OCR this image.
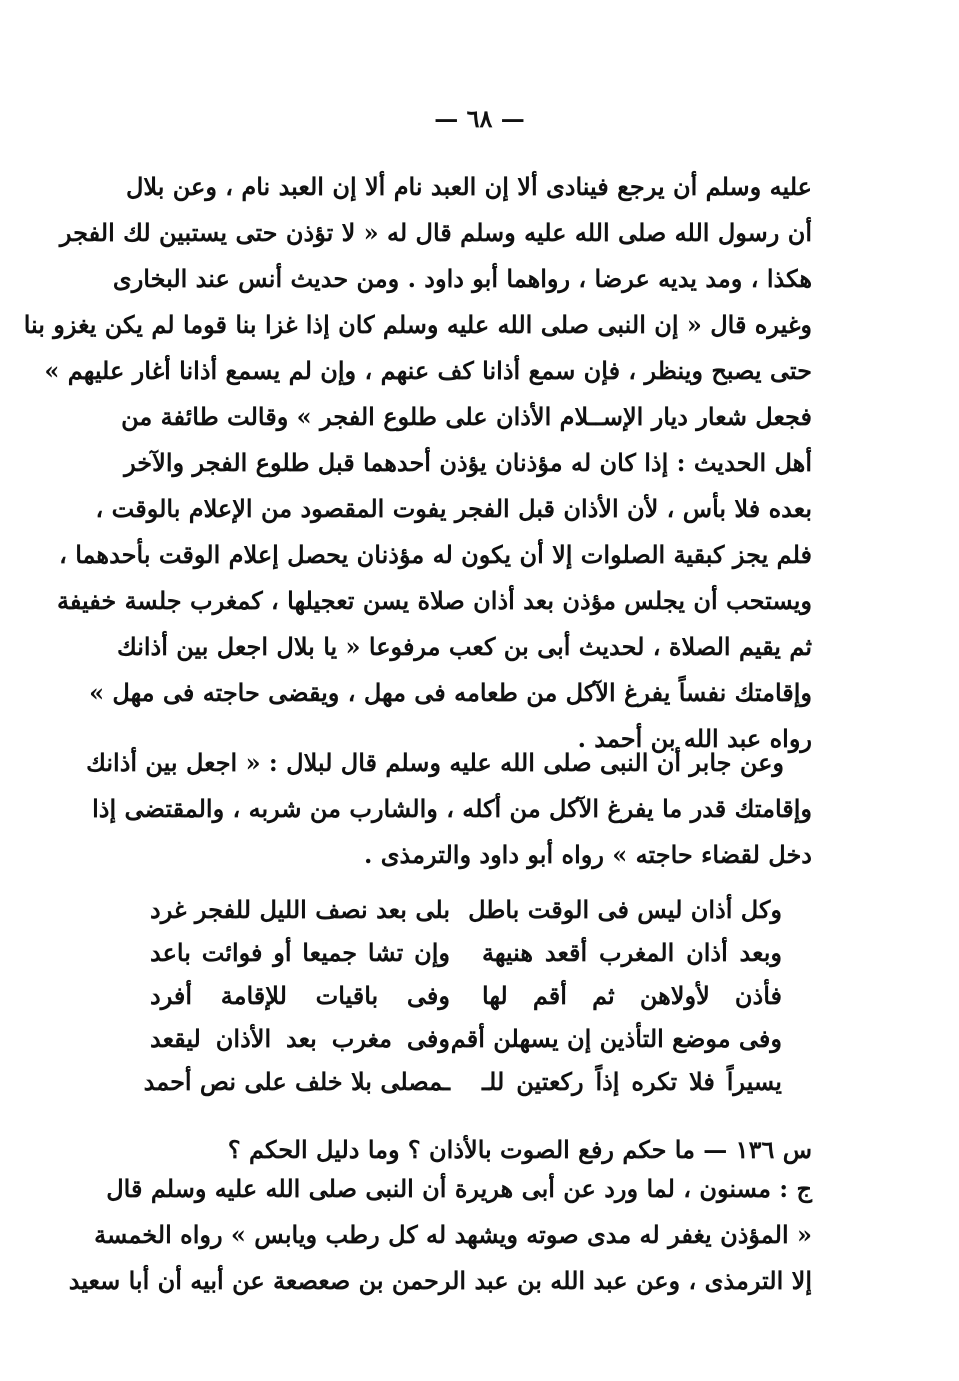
— ٦٨ —
عليه وسلم أن يرجع فينادى ألا إن العبد نام ألا إن العبد نام ، وعن بلال
أن رسول الله صلى الله عليه وسلم قال له « لا تؤذن حتى يستبين لك الفجر
هكذا ، ومد يديه عرضا ، رواهما أبو داود . ومن حديث أنس عند البخارى
وغيره قال « إن النبى صلى الله عليه وسلم كان إذا غزا بنا قوما لم يكن يغزو بنا
حتى يصبح وينظر ، فإن سمع أذانا كف عنهم ، وإن لم يسمع أذانا أغار عليهم »
فجعل شعار ديار الإســلام الأذان على طلوع الفجر » وقالت طائفة من
أهل الحديث : إذا كان له مؤذنان يؤذن أحدهما قبل طلوع الفجر والآخر
بعده فلا بأس ، لأن الأذان قبل الفجر يفوت المقصود من الإعلام بالوقت ،
فلم يجز كبقية الصلوات إلا أن يكون له مؤذنان يحصل إعلام الوقت بأحدهما ،
ويستحب أن يجلس مؤذن بعد أذان صلاة يسن تعجيلها ، كمغرب جلسة خفيفة
ثم يقيم الصلاة ، لحديث أبى بن كعب مرفوعا « يا بلال اجعل بين أذانك
وإقامتك نفساً يفرغ الآكل من طعامه فى مهل ، ويقضى حاجته فى مهل »
رواه عبد الله بن أحمد .
وعن جابر أن النبى صلى الله عليه وسلم قال لبلال : « اجعل بين أذانك
وإقامتك قدر ما يفرغ الآكل من أكله ، والشارب من شربه ، والمقتضى إذا
دخل لقضاء حاجته » رواه أبو داود والترمذى .
وكل أذان ليس فى الوقت باطل
بلى بعد نصف الليل للفجر غرد
وبعد أذان المغرب أقعد هنيهة
وإن تشا جميعا أو فوائت باعد
فأذن لأولاهن ثم أقم لها
وفى باقيات للإقامة أفرد
وفى موضع التأذين إن يسهلن أقم
وفى مغرب بعد الأذان ليقعد
يسيراً فلا تكره إذاً ركعتين للـ
ـمصلى بلا خلف على نص أحمد
س ١٣٦ — ما حكم رفع الصوت بالأذان ؟ وما دليل الحكم ؟
ج : مسنون ، لما ورد عن أبى هريرة أن النبى صلى الله عليه وسلم قال
« المؤذن يغفر له مدى صوته ويشهد له كل رطب ويابس » رواه الخمسة
إلا الترمذى ، وعن عبد الله بن عبد الرحمن بن صعصعة عن أبيه أن أبا سعيد
